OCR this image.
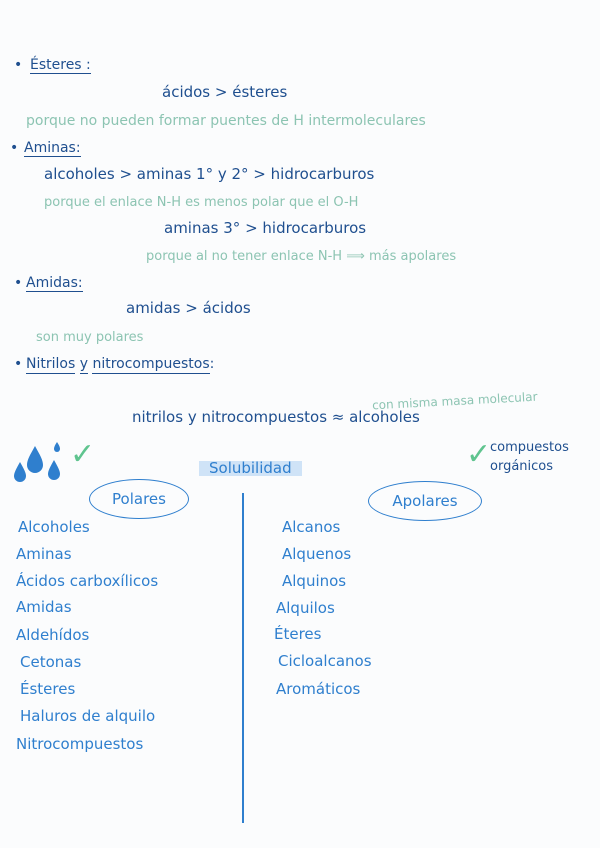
• Ésteres :
ácidos > ésteres
porque no pueden formar puentes de H intermoleculares
• Aminas:
alcoholes > aminas 1° y 2° > hidrocarburos
porque el enlace N-H es menos polar que el O-H
aminas 3° > hidrocarburos
porque al no tener enlace N-H ⟹ más apolares
• Amidas:
amidas > ácidos
son muy polares
• Nitrilos y nitrocompuestos:
con misma masa molecular
nitrilos y nitrocompuestos ≈ alcoholes
✓	Solubilidad	✓
compuestos
orgánicos
Polares	Apolares
Alcoholes
Aminas
Ácidos carboxílicos
Amidas
Aldehídos
Cetonas
Ésteres
Haluros de alquilo
Nitrocompuestos
Alcanos
Alquenos
Alquinos
Alquilos
Éteres
Cicloalcanos
Aromáticos
